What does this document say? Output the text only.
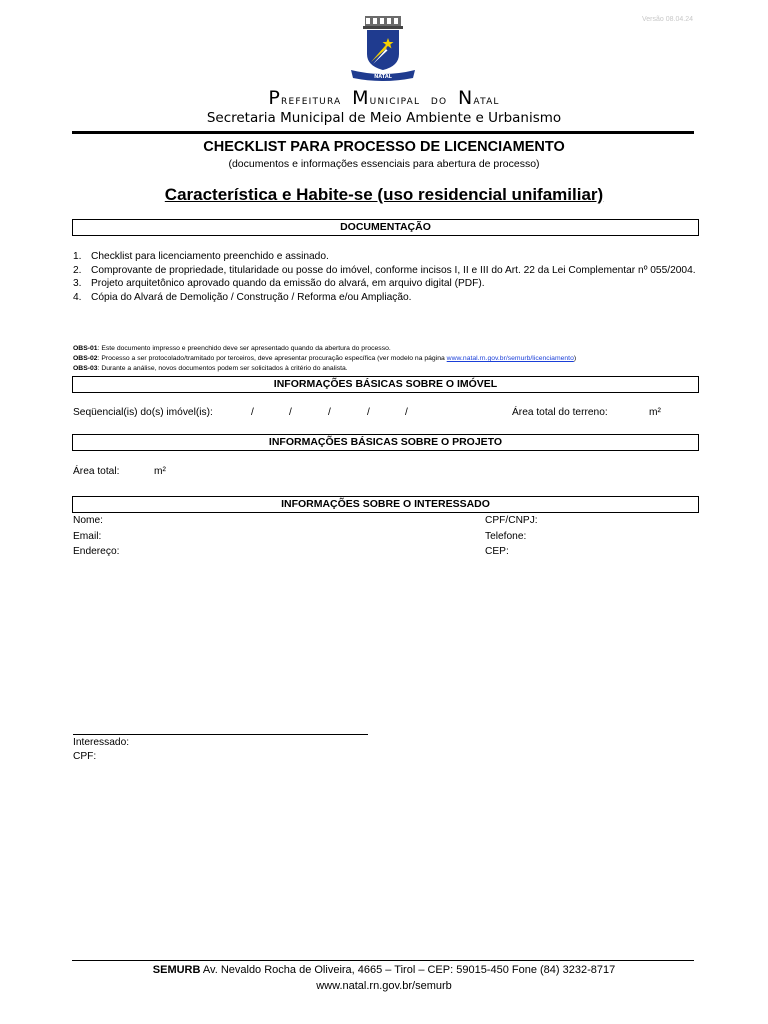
Versão 08.04.24
NATAL
Prefeitura Municipal do Natal
Secretaria Municipal de Meio Ambiente e Urbanismo
CHECKLIST PARA PROCESSO DE LICENCIAMENTO
(documentos e informações essenciais para abertura de processo)
Característica e Habite-se (uso residencial unifamiliar)
DOCUMENTAÇÃO
1. Checklist para licenciamento preenchido e assinado.
2. Comprovante de propriedade, titularidade ou posse do imóvel, conforme incisos I, II e III do Art. 22 da Lei Complementar nº 055/2004.
3. Projeto arquitetônico aprovado quando da emissão do alvará, em arquivo digital (PDF).
4. Cópia do Alvará de Demolição / Construção / Reforma e/ou Ampliação.
OBS-01: Este documento impresso e preenchido deve ser apresentado quando da abertura do processo.
OBS-02: Processo a ser protocolado/tramitado por terceiros, deve apresentar procuração específica (ver modelo na página www.natal.rn.gov.br/semurb/licenciamento)
OBS-03: Durante a análise, novos documentos podem ser solicitados à critério do analista.
INFORMAÇÕES BÁSICAS SOBRE O IMÓVEL
Seqüencial(is) do(s) imóvel(is):	/	/	/	/	/	Área total do terreno:	m²
INFORMAÇÕES BÁSICAS SOBRE O PROJETO
Área total:	m²
INFORMAÇÕES SOBRE O INTERESSADO
Nome:	CPF/CNPJ:
Email:	Telefone:
Endereço:	CEP:
Interessado:
CPF:
SEMURB Av. Nevaldo Rocha de Oliveira, 4665 – Tirol – CEP: 59015-450 Fone (84) 3232-8717
www.natal.rn.gov.br/semurb
